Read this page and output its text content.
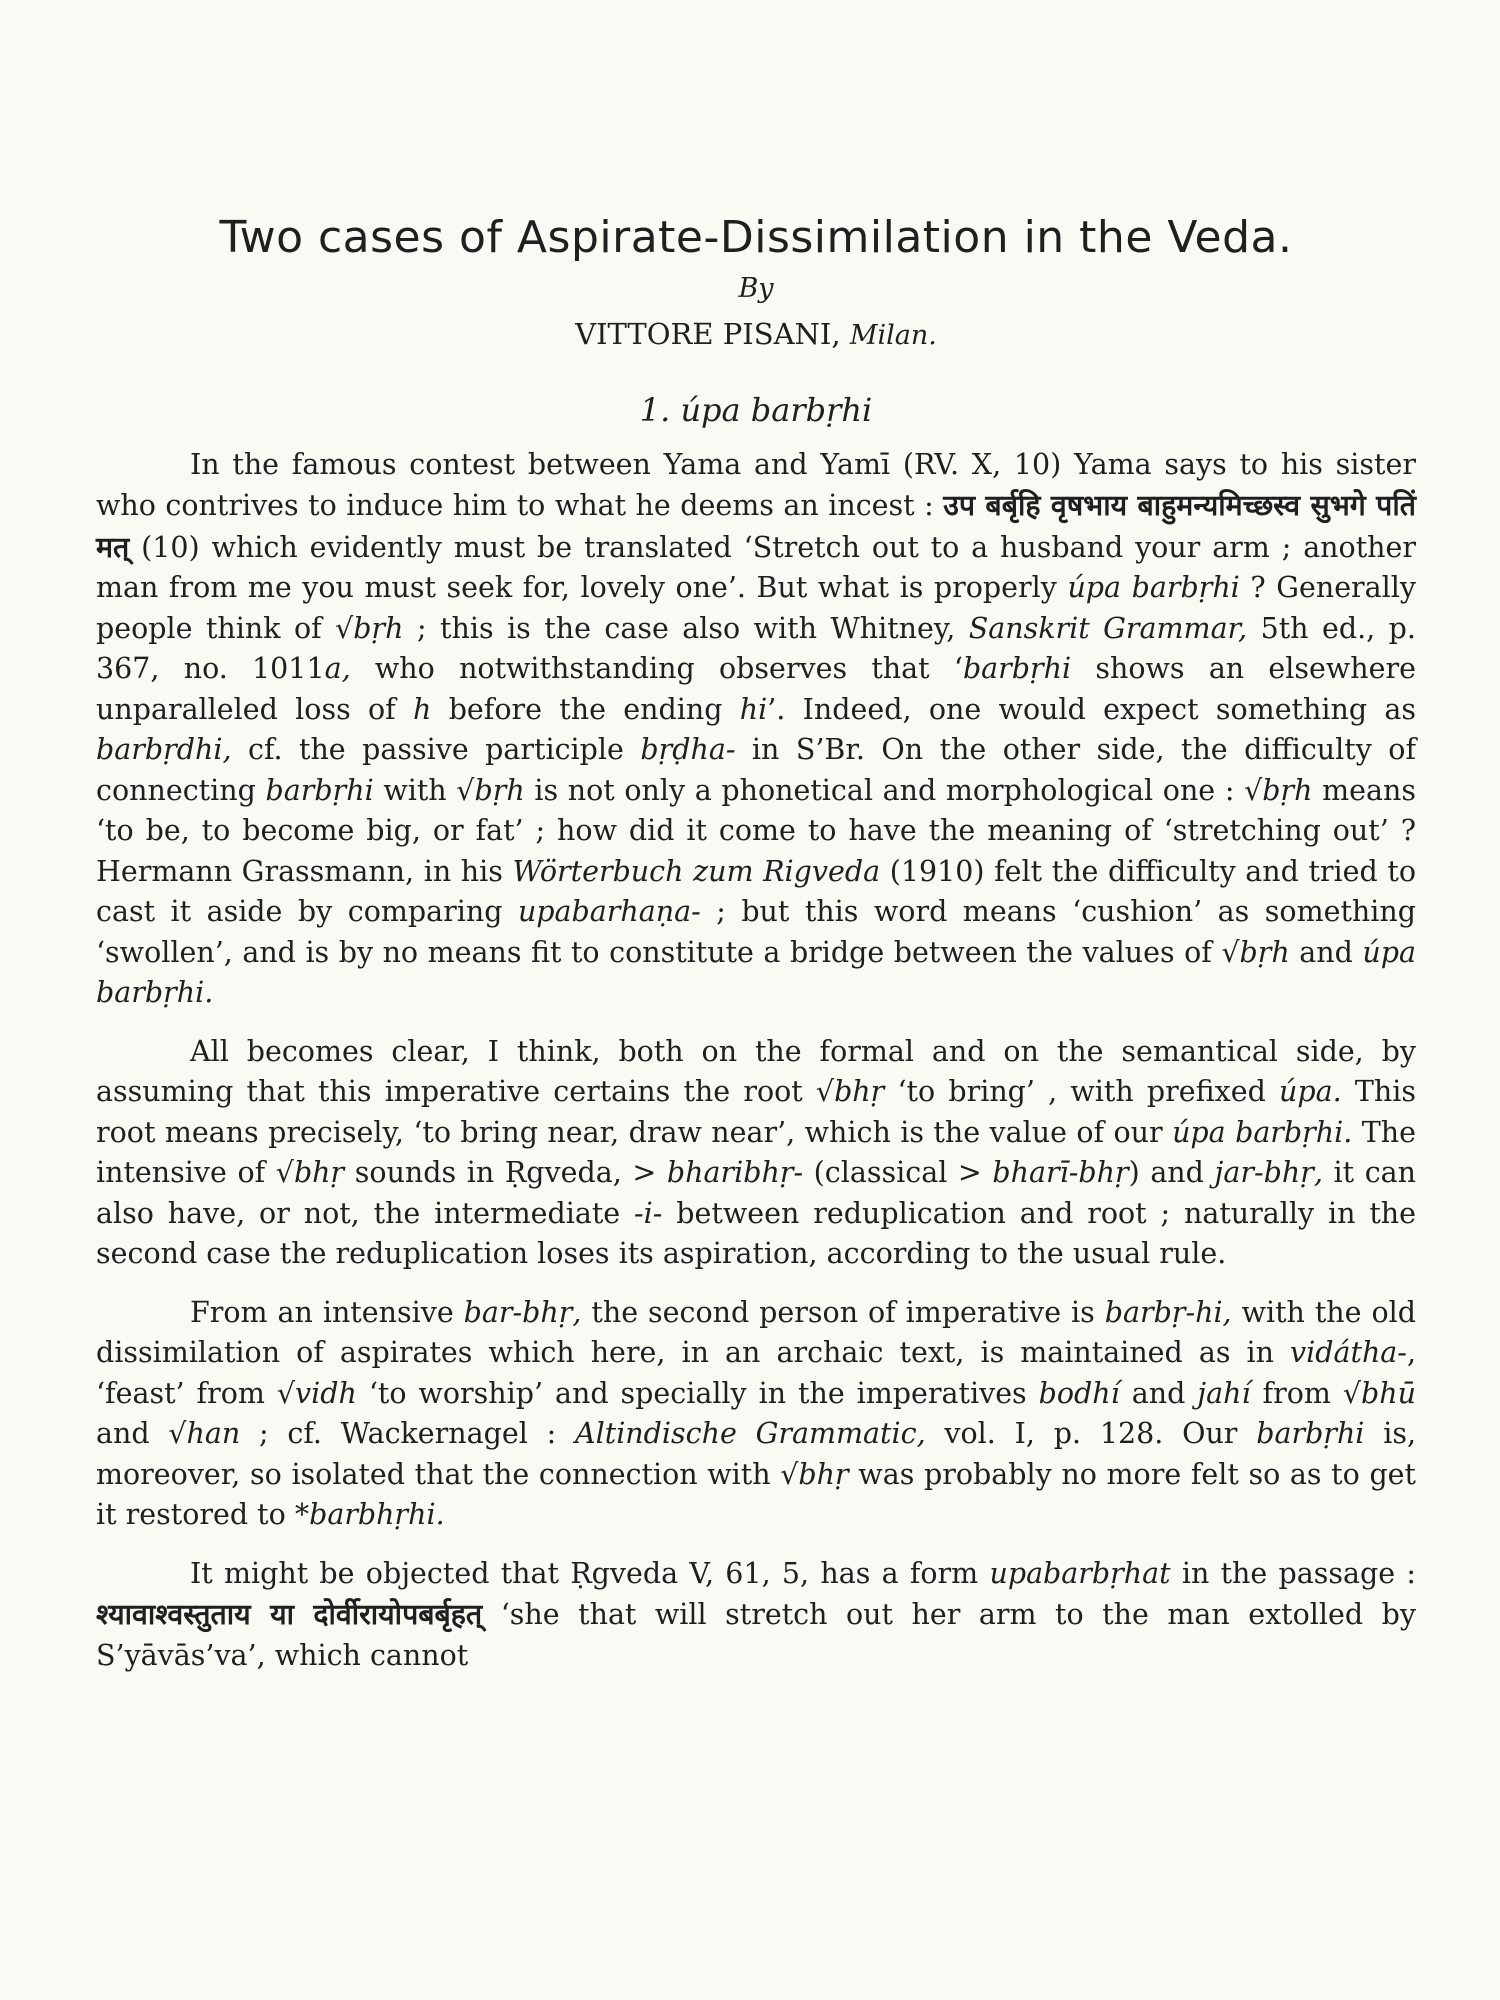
Two cases of Aspirate-Dissimilation in the Veda.
By
VITTORE PISANI, Milan.
1. úpa barbṛhi

In the famous contest between Yama and Yamī (RV. X, 10) Yama says to his sister who contrives to induce him to what he deems an incest : उप बर्बृहि वृषभाय बाहुमन्यमिच्छस्व सुभगे पतिं मत् (10) which evidently must be translated ‘Stretch out to a husband your arm ; another man from me you must seek for, lovely one’. But what is properly úpa barbṛhi ? Generally people think of √bṛh ; this is the case also with Whitney, Sanskrit Grammar, 5th ed., p. 367, no. 1011a, who notwithstanding observes that ‘barbṛhi shows an elsewhere unparalleled loss of h before the ending hi’. Indeed, one would expect something as barbṛdhi, cf. the passive participle bṛḍha- in S’Br. On the other side, the difficulty of connecting barbṛhi with √bṛh is not only a phonetical and morphological one : √bṛh means ‘to be, to become big, or fat’ ; how did it come to have the meaning of ‘stretching out’ ? Hermann Grassmann, in his Wörterbuch zum Rigveda (1910) felt the difficulty and tried to cast it aside by comparing upabarhaṇa- ; but this word means ‘cushion’ as something ‘swollen’, and is by no means fit to constitute a bridge between the values of √bṛh and úpa barbṛhi.

All becomes clear, I think, both on the formal and on the semantical side, by assuming that this imperative certains the root √bhṛ ‘to bring’ , with prefixed úpa. This root means precisely, ‘to bring near, draw near’, which is the value of our úpa barbṛhi. The intensive of √bhṛ sounds in Ṛgveda, > bharibhṛ- (classical > bharī-bhṛ) and jar-bhṛ, it can also have, or not, the intermediate -i- between reduplication and root ; naturally in the second case the reduplication loses its aspiration, according to the usual rule.

From an intensive bar-bhṛ, the second person of imperative is barbṛ-hi, with the old dissimilation of aspirates which here, in an archaic text, is maintained as in vidátha-, ‘feast’ from √vidh ‘to worship’ and specially in the imperatives bodhí and jahí from √bhū and √han ; cf. Wackernagel : Altindische Grammatic, vol. I, p. 128. Our barbṛhi is, moreover, so isolated that the connection with √bhṛ was probably no more felt so as to get it restored to *barbhṛhi.

It might be objected that Ṛgveda V, 61, 5, has a form upabarbṛhat in the passage : श्यावाश्वस्तुताय या दोर्वीरायोपबर्बृहत् ‘she that will stretch out her arm to the man extolled by S’yāvās’va’, which cannot
